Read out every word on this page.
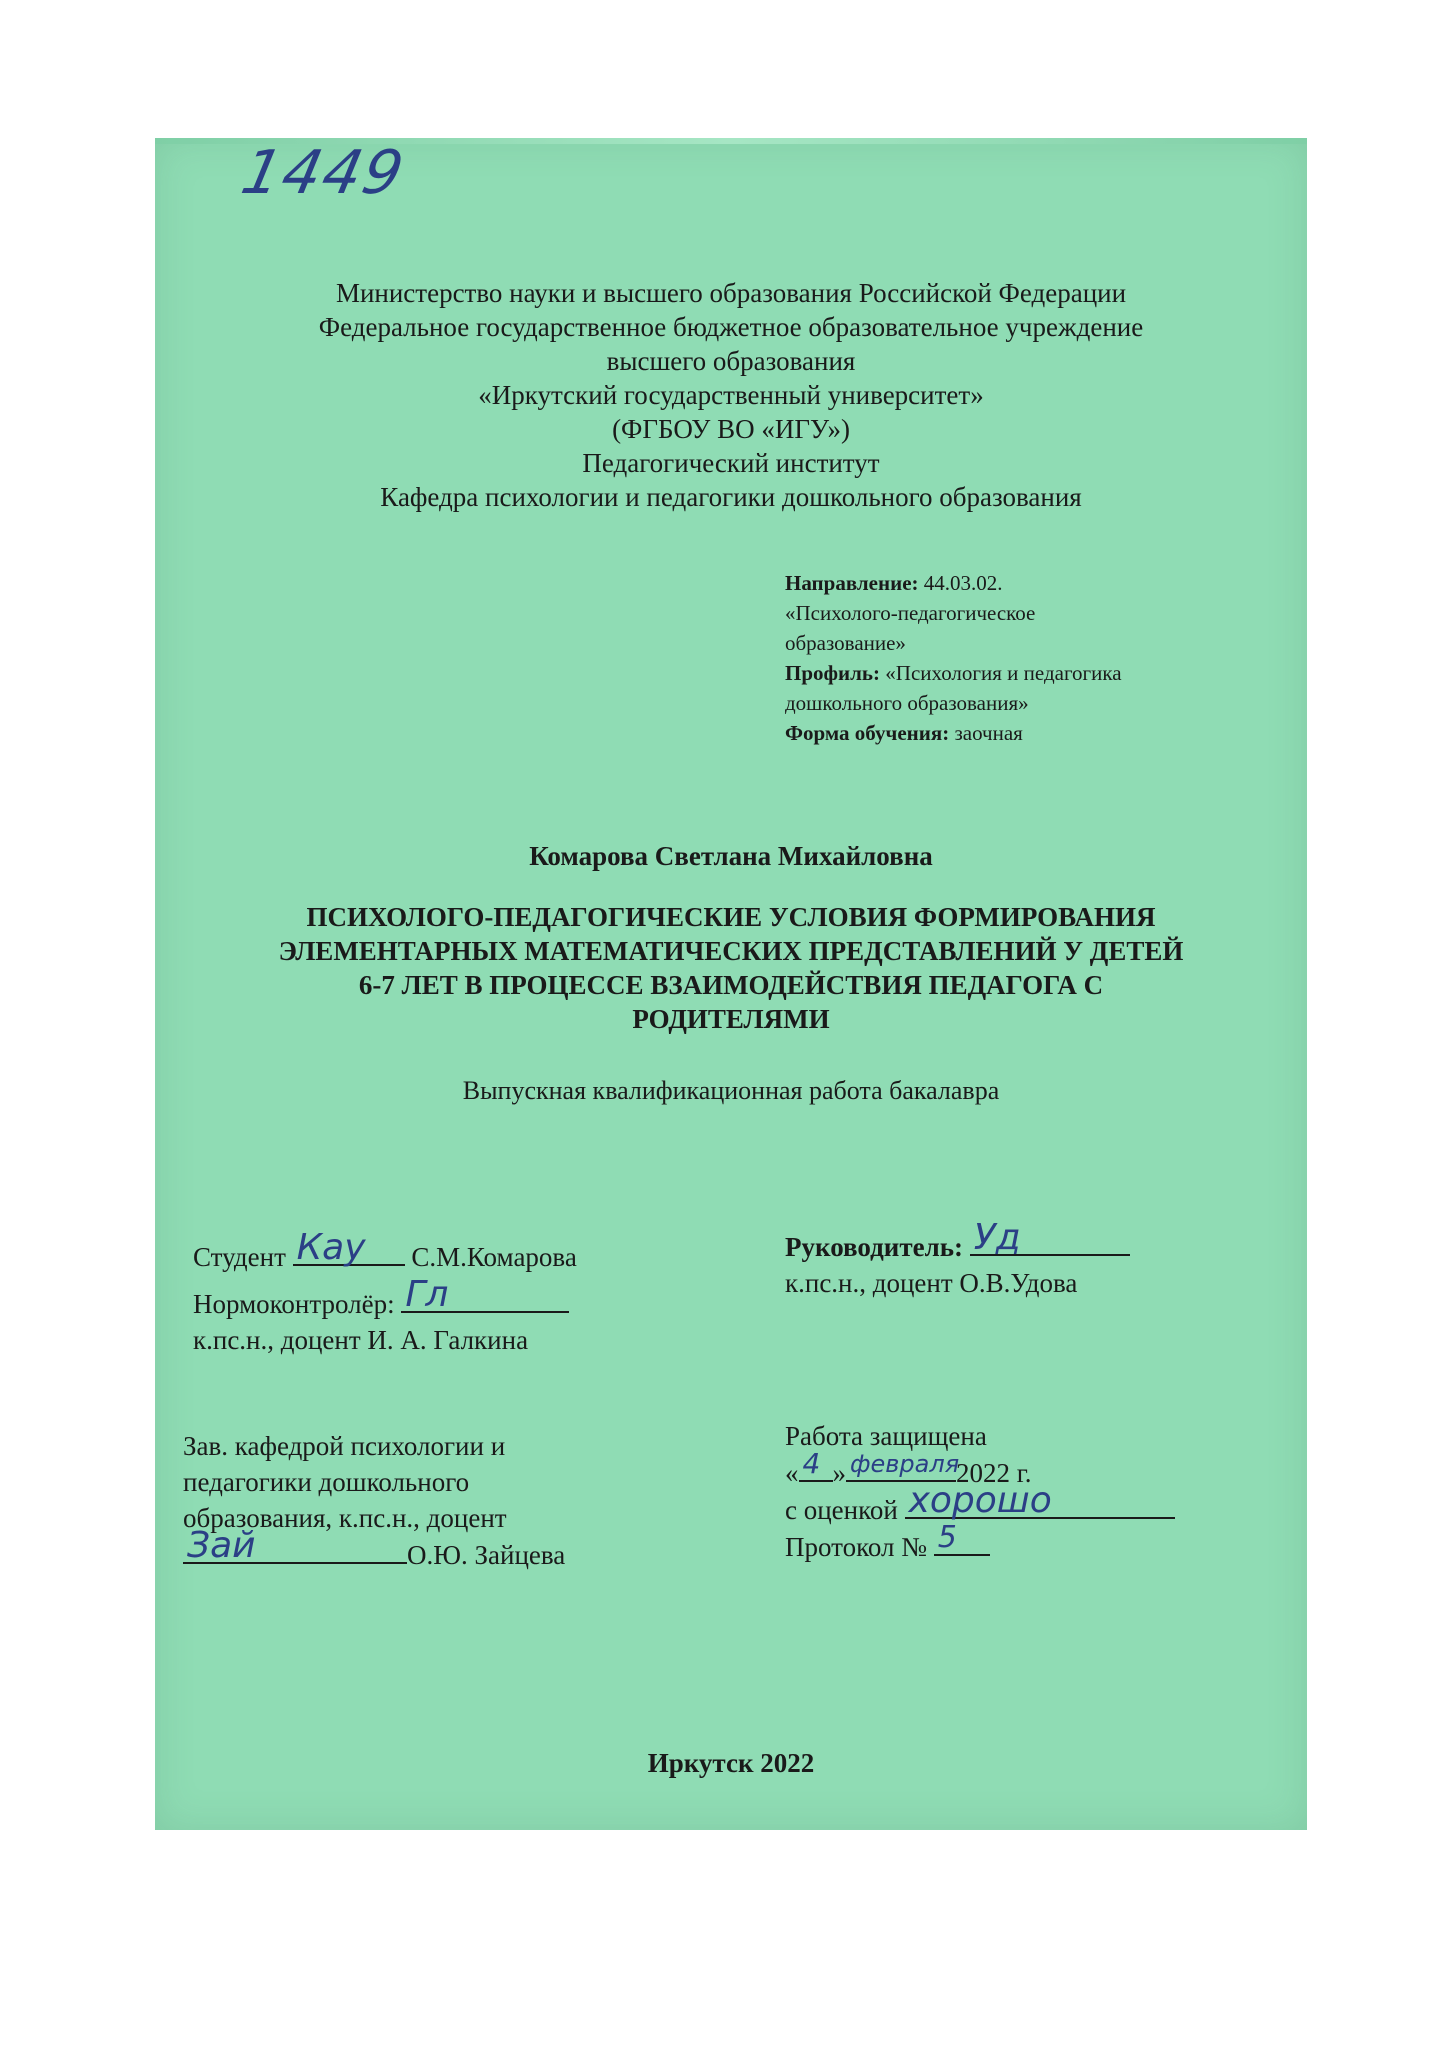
1449
Министерство науки и высшего образования Российской Федерации
Федеральное государственное бюджетное образовательное учреждение
высшего образования
«Иркутский государственный университет»
(ФГБОУ ВО «ИГУ»)
Педагогический институт
Кафедра психологии и педагогики дошкольного образования
Направление: 44.03.02.
«Психолого-педагогическое
образование»
Профиль: «Психология и педагогика
дошкольного образования»
Форма обучения: заочная
Комарова Светлана Михайловна
ПСИХОЛОГО-ПЕДАГОГИЧЕСКИЕ УСЛОВИЯ ФОРМИРОВАНИЯ
ЭЛЕМЕНТАРНЫХ МАТЕМАТИЧЕСКИХ ПРЕДСТАВЛЕНИЙ У ДЕТЕЙ
6-7 ЛЕТ В ПРОЦЕССЕ ВЗАИМОДЕЙСТВИЯ ПЕДАГОГА С
РОДИТЕЛЯМИ
Выпускная квалификационная работа бакалавра
Студент Кау С.М.Комарова
Нормоконтролёр: Гл
к.пс.н., доцент И. А. Галкина
Руководитель: Уд
к.пс.н., доцент О.В.Удова
Зав. кафедрой психологии и
педагогики дошкольного
образования, к.пс.н., доцент
Зай	О.Ю. Зайцева
Работа защищена
« 4 » февраля
2022 г.
с оценкой хорошо
Протокол № 5
Иркутск 2022
